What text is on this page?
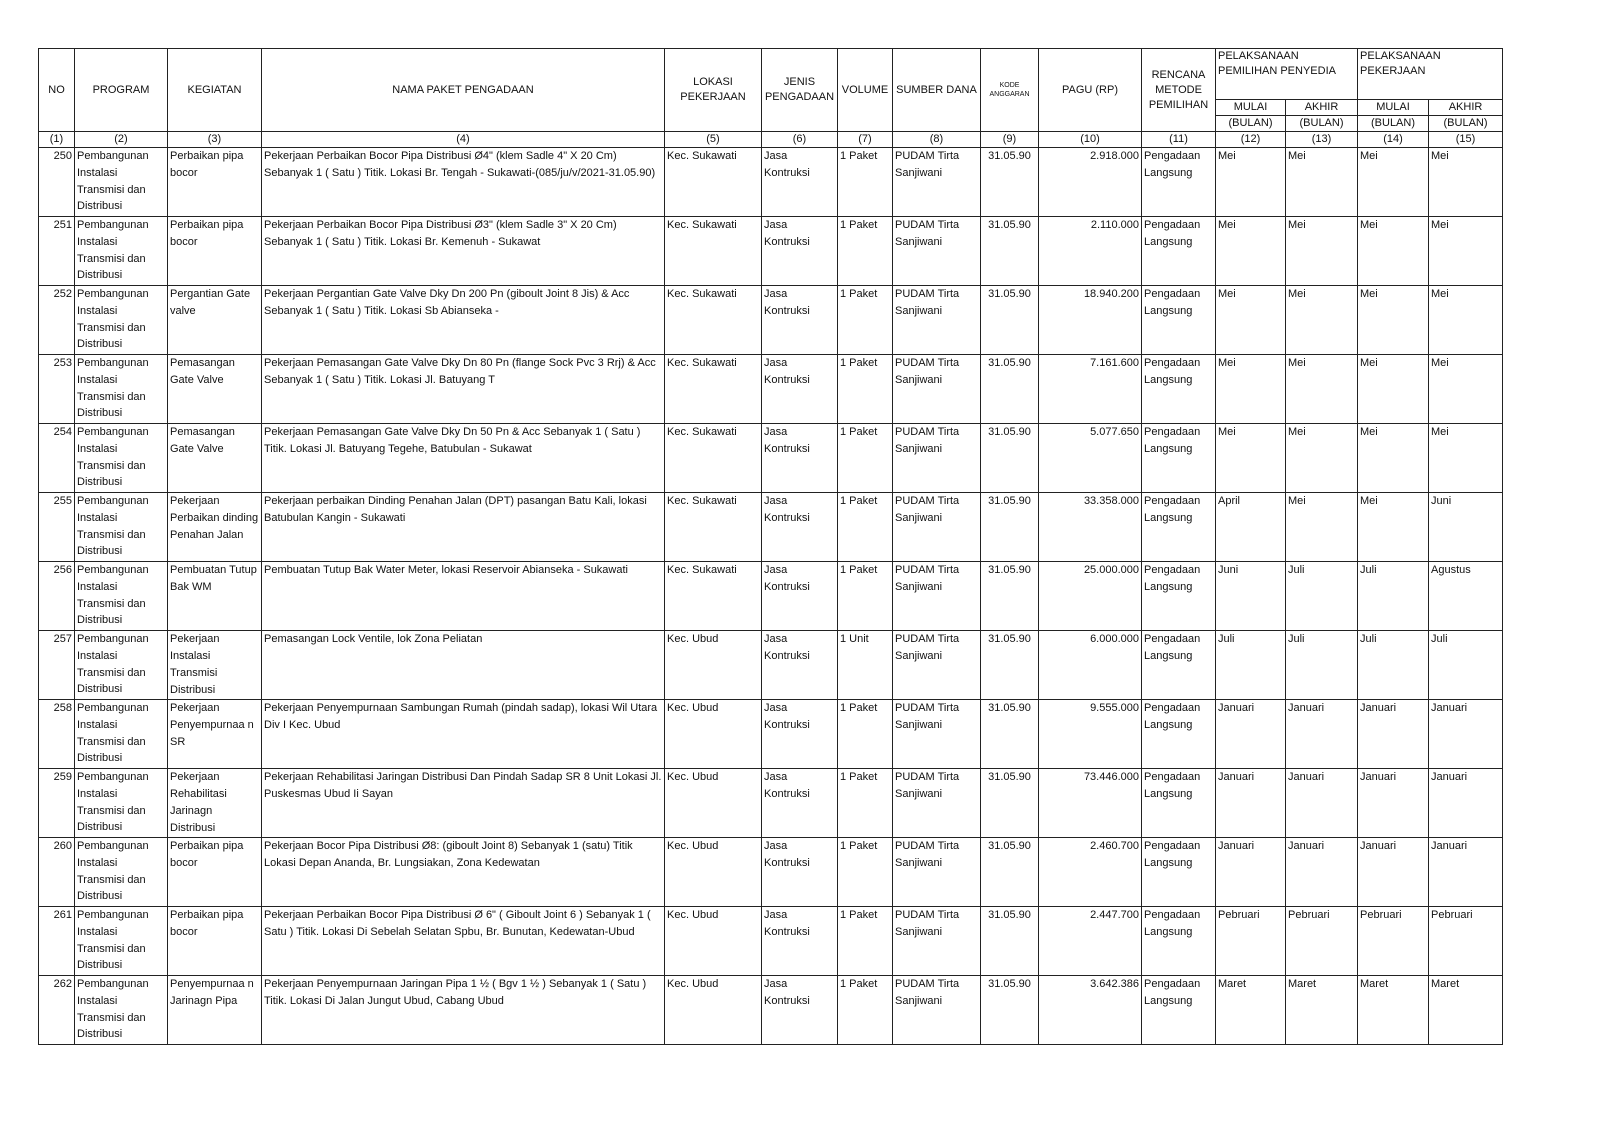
NO	PROGRAM	KEGIATAN	NAMA PAKET PENGADAAN	LOKASI PEKERJAAN	JENIS PENGADAAN	VOLUME	SUMBER DANA	KODE ANGGARAN	PAGU (RP)	RENCANA METODE PEMILIHAN	PELAKSANAAN PEMILIHAN PENYEDIA		PELAKSANAAN PEKERJAAN	
											MULAI	AKHIR	MULAI	AKHIR
											(BULAN)	(BULAN)	(BULAN)	(BULAN)
(1)	(2)	(3)	(4)	(5)	(6)	(7)	(8)	(9)	(10)	(11)	(12)	(13)	(14)	(15)
250	Pembangunan Instalasi Transmisi dan Distribusi	Perbaikan pipa bocor	Pekerjaan Perbaikan Bocor Pipa Distribusi Ø4" (klem Sadle 4" X 20 Cm) Sebanyak 1 ( Satu ) Titik. Lokasi Br. Tengah - Sukawati-(085/ju/v/2021-31.05.90)	Kec. Sukawati	Jasa Kontruksi	1 Paket	PUDAM Tirta Sanjiwani	31.05.90	2.918.000	Pengadaan Langsung	Mei	Mei	Mei	Mei
251	Pembangunan Instalasi Transmisi dan Distribusi	Perbaikan pipa bocor	Pekerjaan Perbaikan Bocor Pipa Distribusi Ø3" (klem Sadle 3" X 20 Cm) Sebanyak 1 ( Satu ) Titik. Lokasi Br. Kemenuh - Sukawat	Kec. Sukawati	Jasa Kontruksi	1 Paket	PUDAM Tirta Sanjiwani	31.05.90	2.110.000	Pengadaan Langsung	Mei	Mei	Mei	Mei
252	Pembangunan Instalasi Transmisi dan Distribusi	Pergantian Gate valve	Pekerjaan Pergantian Gate Valve Dky Dn 200 Pn (giboult Joint 8 Jis) & Acc Sebanyak 1 ( Satu ) Titik. Lokasi Sb Abianseka -	Kec. Sukawati	Jasa Kontruksi	1 Paket	PUDAM Tirta Sanjiwani	31.05.90	18.940.200	Pengadaan Langsung	Mei	Mei	Mei	Mei
253	Pembangunan Instalasi Transmisi dan Distribusi	Pemasangan Gate Valve	Pekerjaan Pemasangan Gate Valve Dky Dn 80 Pn (flange Sock Pvc 3 Rrj) & Acc Sebanyak 1 ( Satu ) Titik. Lokasi Jl. Batuyang T	Kec. Sukawati	Jasa Kontruksi	1 Paket	PUDAM Tirta Sanjiwani	31.05.90	7.161.600	Pengadaan Langsung	Mei	Mei	Mei	Mei
254	Pembangunan Instalasi Transmisi dan Distribusi	Pemasangan Gate Valve	Pekerjaan Pemasangan Gate Valve Dky Dn 50 Pn & Acc Sebanyak 1 ( Satu ) Titik. Lokasi Jl. Batuyang Tegehe, Batubulan - Sukawat	Kec. Sukawati	Jasa Kontruksi	1 Paket	PUDAM Tirta Sanjiwani	31.05.90	5.077.650	Pengadaan Langsung	Mei	Mei	Mei	Mei
255	Pembangunan Instalasi Transmisi dan Distribusi	Pekerjaan Perbaikan dinding Penahan Jalan	Pekerjaan perbaikan Dinding Penahan Jalan (DPT) pasangan Batu Kali, lokasi Batubulan Kangin - Sukawati	Kec. Sukawati	Jasa Kontruksi	1 Paket	PUDAM Tirta Sanjiwani	31.05.90	33.358.000	Pengadaan Langsung	April	Mei	Mei	Juni
256	Pembangunan Instalasi Transmisi dan Distribusi	Pembuatan Tutup Bak WM	Pembuatan Tutup Bak Water Meter, lokasi Reservoir Abianseka - Sukawati	Kec. Sukawati	Jasa Kontruksi	1 Paket	PUDAM Tirta Sanjiwani	31.05.90	25.000.000	Pengadaan Langsung	Juni	Juli	Juli	Agustus
257	Pembangunan Instalasi Transmisi dan Distribusi	Pekerjaan Instalasi Transmisi Distribusi	Pemasangan Lock Ventile, lok Zona Peliatan	Kec. Ubud	Jasa Kontruksi	1 Unit	PUDAM Tirta Sanjiwani	31.05.90	6.000.000	Pengadaan Langsung	Juli	Juli	Juli	Juli
258	Pembangunan Instalasi Transmisi dan Distribusi	Pekerjaan Penyempurnaa n SR	Pekerjaan Penyempurnaan Sambungan Rumah (pindah sadap), lokasi Wil Utara Div I Kec. Ubud	Kec. Ubud	Jasa Kontruksi	1 Paket	PUDAM Tirta Sanjiwani	31.05.90	9.555.000	Pengadaan Langsung	Januari	Januari	Januari	Januari
259	Pembangunan Instalasi Transmisi dan Distribusi	Pekerjaan Rehabilitasi Jarinagn Distribusi	Pekerjaan Rehabilitasi Jaringan Distribusi Dan Pindah Sadap SR 8 Unit Lokasi Jl. Puskesmas Ubud Ii Sayan	Kec. Ubud	Jasa Kontruksi	1 Paket	PUDAM Tirta Sanjiwani	31.05.90	73.446.000	Pengadaan Langsung	Januari	Januari	Januari	Januari
260	Pembangunan Instalasi Transmisi dan Distribusi	Perbaikan pipa bocor	Pekerjaan Bocor Pipa Distribusi Ø8: (giboult Joint 8) Sebanyak 1 (satu) Titik Lokasi Depan Ananda, Br. Lungsiakan, Zona Kedewatan	Kec. Ubud	Jasa Kontruksi	1 Paket	PUDAM Tirta Sanjiwani	31.05.90	2.460.700	Pengadaan Langsung	Januari	Januari	Januari	Januari
261	Pembangunan Instalasi Transmisi dan Distribusi	Perbaikan pipa bocor	Pekerjaan Perbaikan Bocor Pipa Distribusi Ø 6" ( Giboult Joint 6 ) Sebanyak 1 ( Satu ) Titik. Lokasi Di Sebelah Selatan Spbu, Br. Bunutan, Kedewatan-Ubud	Kec. Ubud	Jasa Kontruksi	1 Paket	PUDAM Tirta Sanjiwani	31.05.90	2.447.700	Pengadaan Langsung	Pebruari	Pebruari	Pebruari	Pebruari
262	Pembangunan Instalasi Transmisi dan Distribusi	Penyempurnaa n Jarinagn Pipa	Pekerjaan Penyempurnaan Jaringan Pipa 1 ½ ( Bgv 1 ½ ) Sebanyak 1 ( Satu ) Titik. Lokasi Di Jalan Jungut Ubud, Cabang Ubud	Kec. Ubud	Jasa Kontruksi	1 Paket	PUDAM Tirta Sanjiwani	31.05.90	3.642.386	Pengadaan Langsung	Maret	Maret	Maret	Maret
